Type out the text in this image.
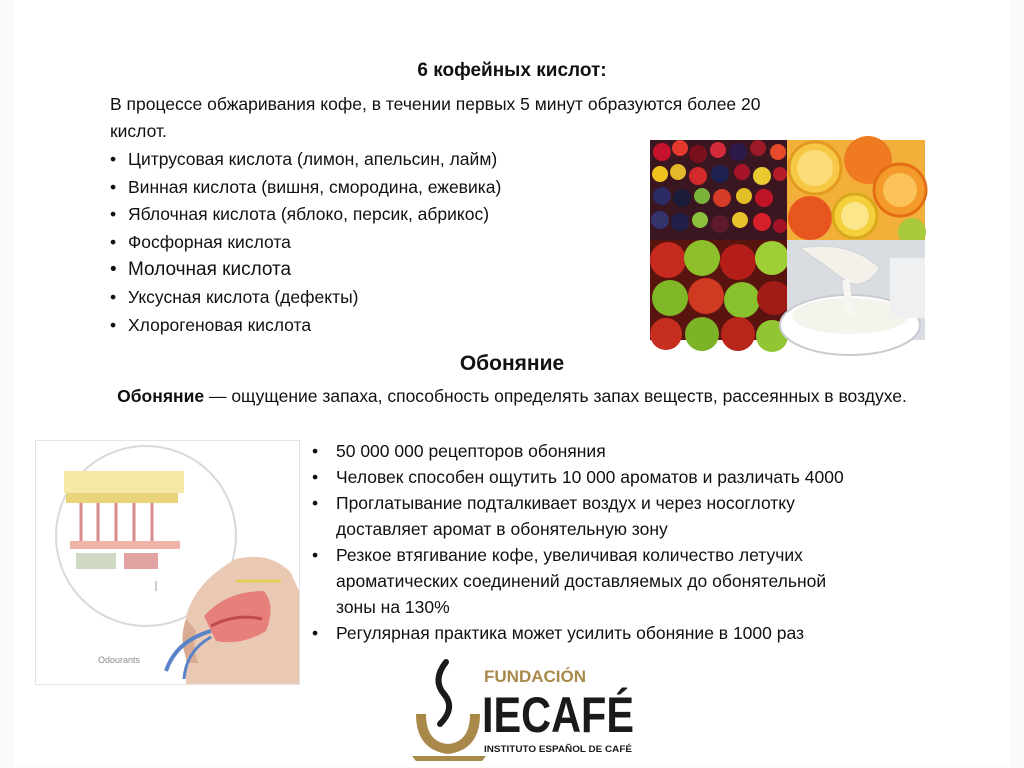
6 кофейных кислот:
В процессе обжаривания кофе, в течении первых 5 минут образуются более 20
кислот.
• Цитрусовая кислота (лимон, апельсин, лайм)
• Винная кислота (вишня, смородина, ежевика)
• Яблочная кислота (яблоко, персик, абрикос)
• Фосфорная кислота
• Молочная кислота
• Уксусная кислота (дефекты)
• Хлорогеновая кислота
Обоняние
Обоняние — ощущение запаха, способность определять запах веществ, рассеянных в воздухе.
Odourants
• 50 000 000 рецепторов обоняния
• Человек способен ощутить 10 000 ароматов и различать 4000
• Проглатывание подталкивает воздух и через носоглотку
доставляет аромат в обонятельную зону
• Резкое втягивание кофе, увеличивая количество летучих
ароматических соединений доставляемых до обонятельной
зоны на 130%
• Регулярная практика может усилить обоняние в 1000 раз
FUNDACIÓN
IECAFÉ
INSTITUTO ESPAÑOL DE CAFÉ
